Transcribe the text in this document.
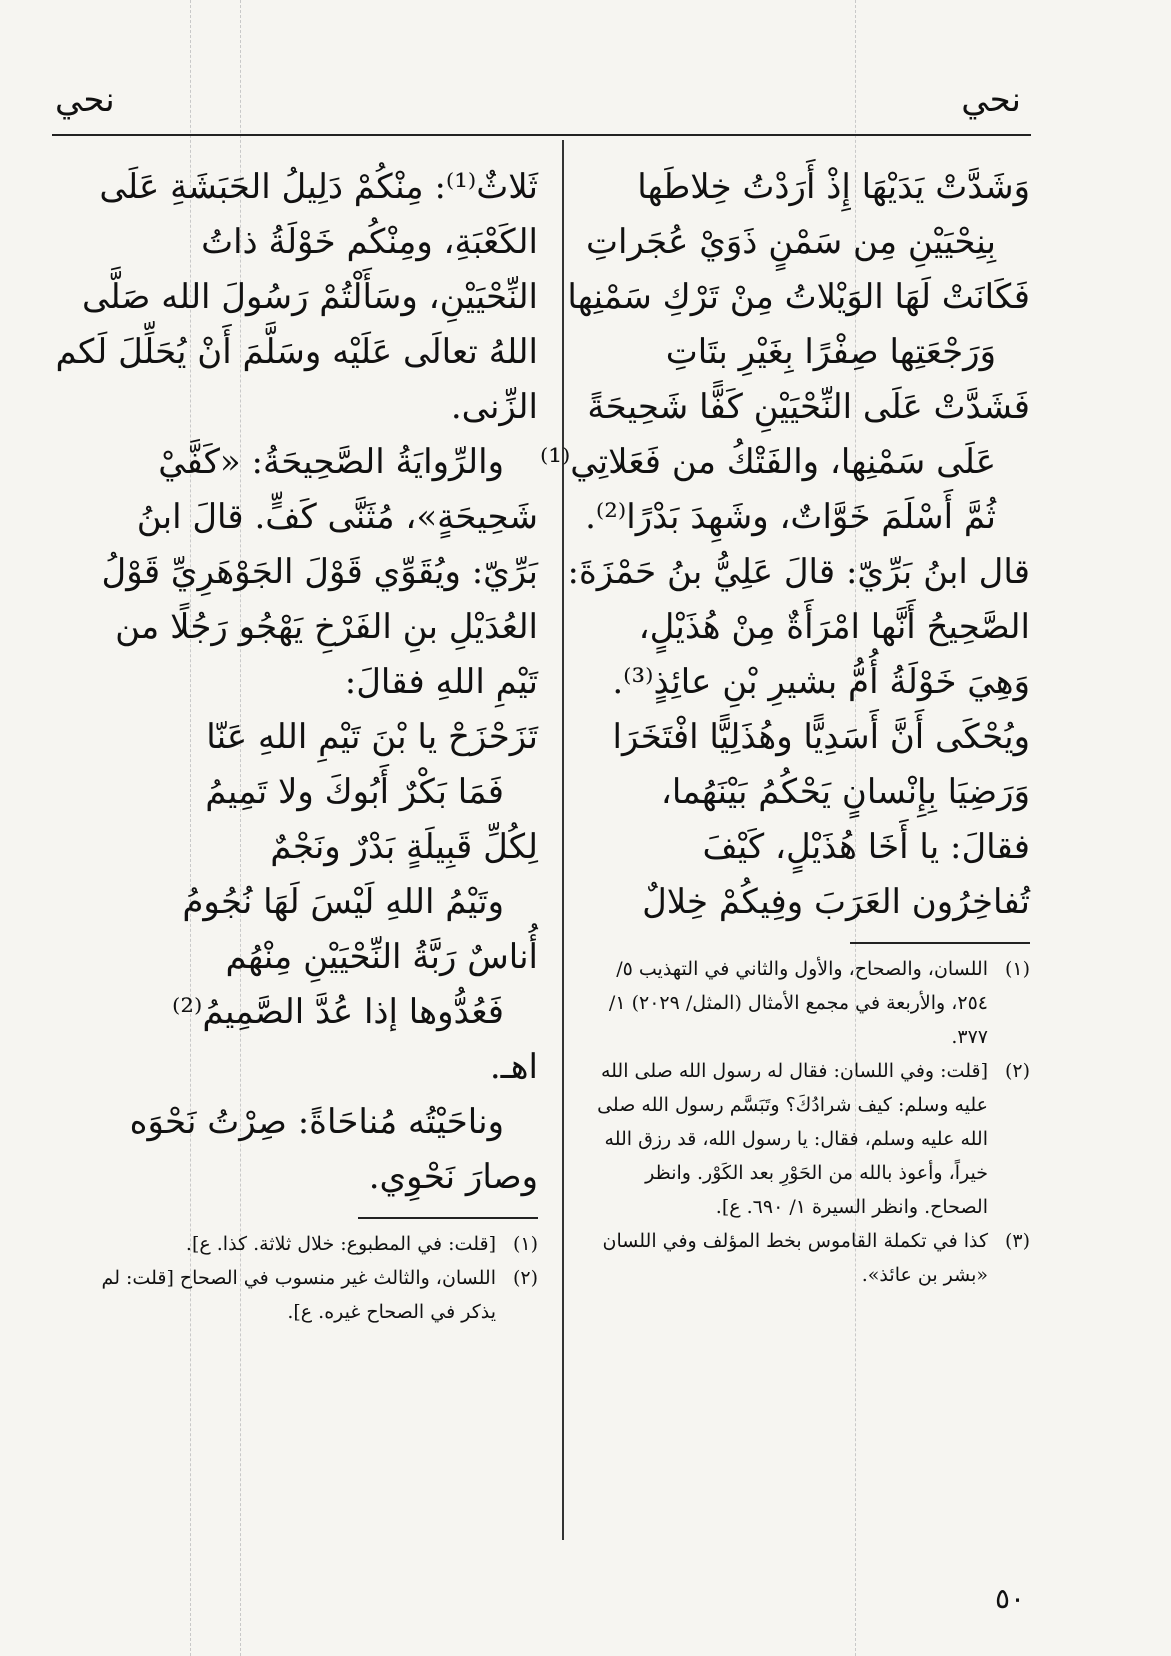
نحي
نحي
وَشَدَّتْ يَدَيْهَا إِذْ أَرَدْتُ خِلاطَها
بِنِحْيَيْنِ مِن سَمْنٍ ذَوَيْ عُجَراتِ
فَكَانَتْ لَهَا الوَيْلاتُ مِنْ تَرْكِ سَمْنِها
وَرَجْعَتِها صِفْرًا بِغَيْرِ بتَاتِ
فَشَدَّتْ عَلَى النِّحْيَيْنِ كَفًّا شَحِيحَةً
عَلَى سَمْنِها، والفَتْكُ من فَعَلاتِي⁽¹⁾
ثُمَّ أَسْلَمَ خَوَّاتٌ، وشَهِدَ بَدْرًا⁽²⁾.
قال ابنُ بَرِّيّ: قالَ عَلِيُّ بنُ حَمْزَةَ:
الصَّحِيحُ أَنَّها امْرَأَةٌ مِنْ هُذَيْلٍ،
وَهِيَ خَوْلَةُ أُمُّ بشيرِ بْنِ عائِذٍ⁽³⁾.
ويُحْكَى أَنَّ أَسَدِيًّا وهُذَلِيًّا افْتَخَرَا
وَرَضِيَا بِإِنْسانٍ يَحْكُمُ بَيْنَهُما،
فقالَ: يا أَخَا هُذَيْلٍ، كَيْفَ
تُفاخِرُون العَرَبَ وفِيكُمْ خِلالٌ
(١)
اللسان، والصحاح، والأول والثاني في التهذيب ٥/ ٢٥٤، والأربعة في مجمع الأمثال (المثل/ ٢٠٢٩) ١/ ٣٧٧.
(٢)
[قلت: وفي اللسان: فقال له رسول الله صلى الله عليه وسلم: كيف شرادُكَ؟ وتَبَسَّم رسول الله صلى الله عليه وسلم، فقال: يا رسول الله، قد رزق الله خيراً، وأعوذ بالله من الحَوْرِ بعد الكَوْر. وانظر الصحاح. وانظر السيرة ١/ ٦٩٠. ع].
(٣)
كذا في تكملة القاموس بخط المؤلف وفي اللسان «بشر بن عائذ».
ثَلاثٌ⁽¹⁾: مِنْكُمْ دَلِيلُ الحَبَشَةِ عَلَى
الكَعْبَةِ، ومِنْكُم خَوْلَةُ ذاتُ
النِّحْيَيْنِ، وسَأَلْتُمْ رَسُولَ الله صَلَّى
اللهُ تعالَى عَلَيْه وسَلَّمَ أَنْ يُحَلِّلَ لَكم
الزِّنى.
والرِّوايَةُ الصَّحِيحَةُ: «كَفَّيْ
شَحِيحَةٍ»، مُثَنَّى كَفٍّ. قالَ ابنُ
بَرِّيّ: ويُقَوِّي قَوْلَ الجَوْهَرِيِّ قَوْلُ
العُدَيْلِ بنِ الفَرْخِ يَهْجُو رَجُلًا من
تَيْمِ اللهِ فقالَ:
تَزَحْزَحْ يا بْنَ تَيْمِ اللهِ عَنّا
فَمَا بَكْرٌ أَبُوكَ ولا تَمِيمُ
لِكُلِّ قَبِيلَةٍ بَدْرٌ ونَجْمٌ
وتَيْمُ اللهِ لَيْسَ لَهَا نُجُومُ
أُناسٌ رَبَّةُ النِّحْيَيْنِ مِنْهُم
فَعُدُّوها إذا عُدَّ الصَّمِيمُ⁽²⁾
اهـ.
وناحَيْتُه مُناحَاةً: صِرْتُ نَحْوَه
وصارَ نَحْوِي.
(١)
[قلت: في المطبوع: خلال ثلاثة. كذا. ع].
(٢)
اللسان، والثالث غير منسوب في الصحاح [قلت: لم يذكر في الصحاح غيره. ع].
٥٠
